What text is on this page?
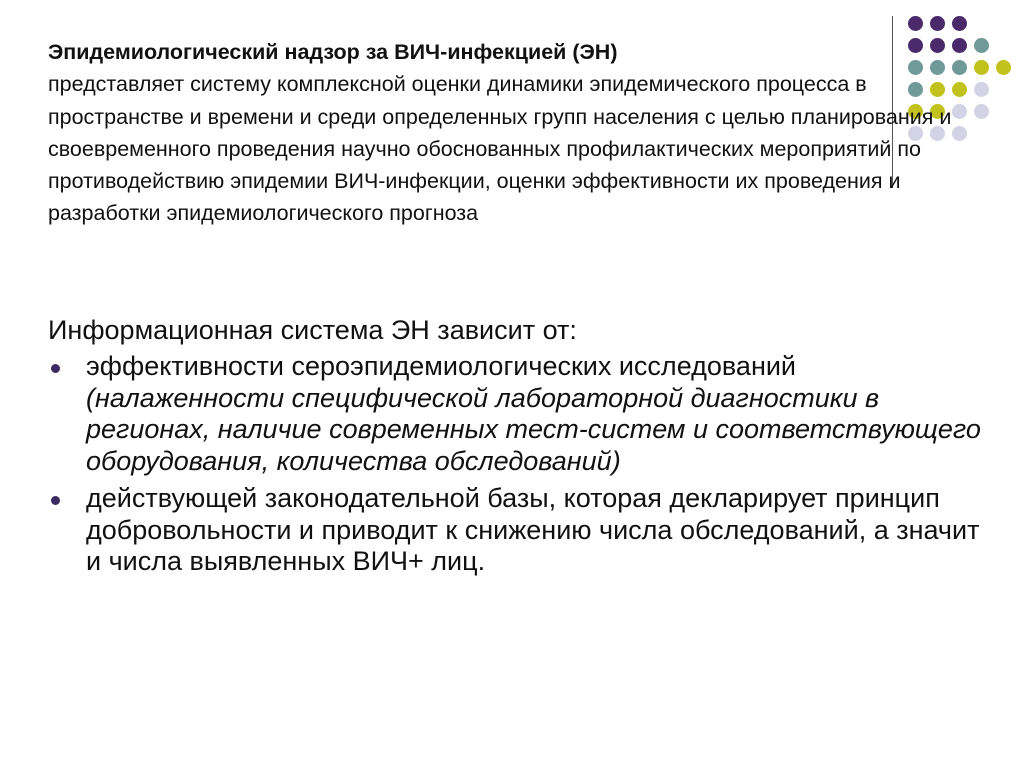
Эпидемиологический надзор за ВИЧ-инфекцией (ЭН)
представляет систему комплексной оценки динамики эпидемического процесса в пространстве и времени и среди определенных групп населения с целью планирования и своевременного проведения научно обоснованных профилактических мероприятий по противодействию эпидемии ВИЧ-инфекции, оценки эффективности их проведения и разработки эпидемиологического прогноза
Информационная система ЭН зависит от:
эффективности сероэпидемиологических исследований (налаженности специфической лабораторной диагностики в регионах, наличие современных тест-систем и соответствующего оборудования, количества обследований)
действующей законодательной базы, которая декларирует принцип добровольности и приводит к снижению числа обследований, а значит и числа выявленных ВИЧ+ лиц.
